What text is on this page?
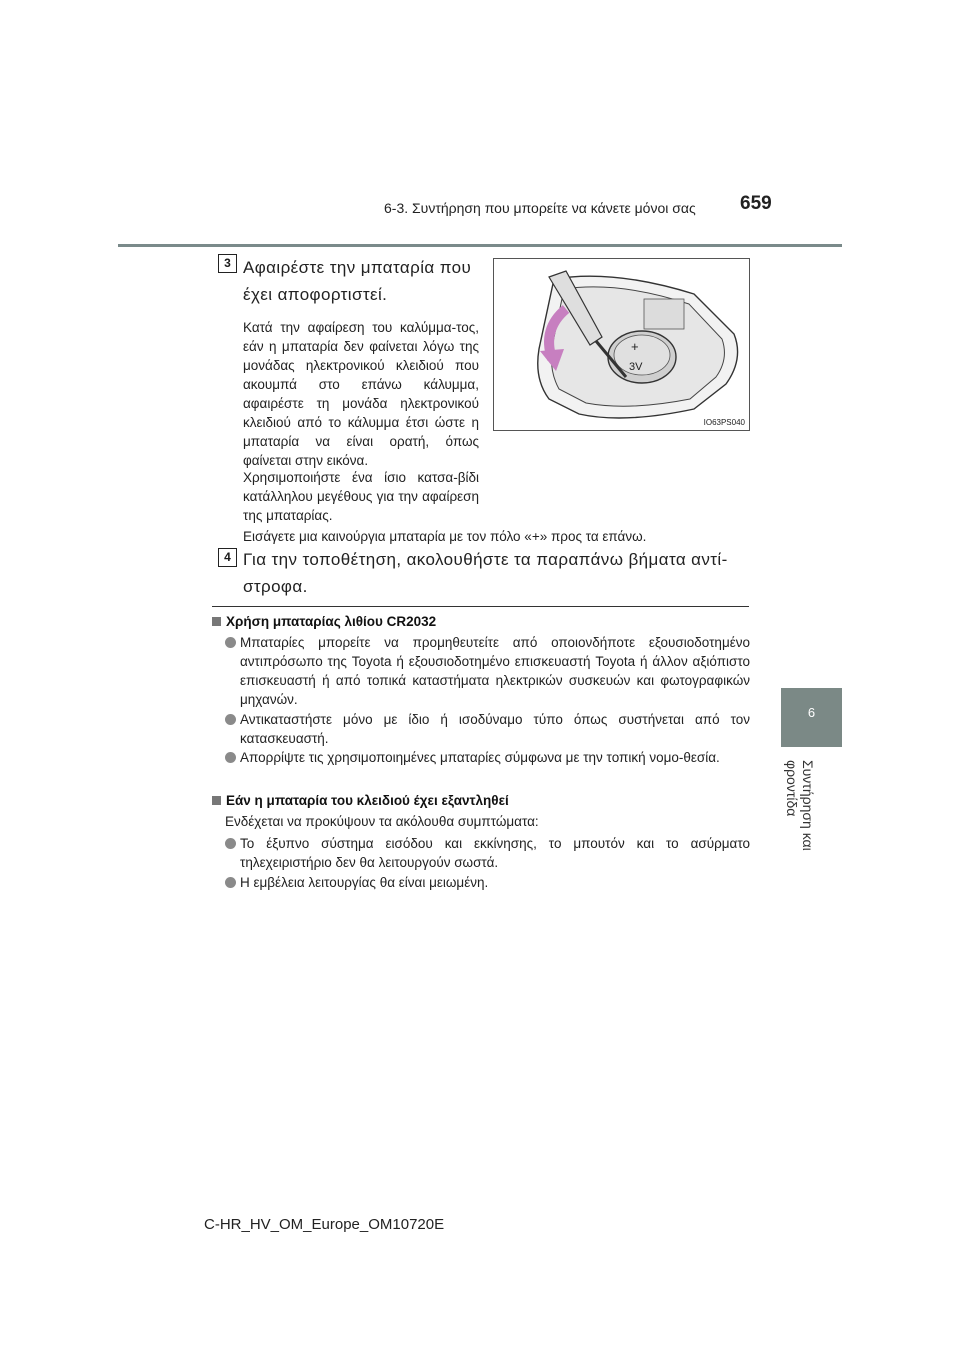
6-3. Συντήρηση που μπορείτε να κάνετε μόνοι σας 659
6
Συντήρηση και φροντίδα
3 Αφαιρέστε την μπαταρία που έχει αποφορτιστεί.
Κατά την αφαίρεση του καλύμμα-τος, εάν η μπαταρία δεν φαίνεται λόγω της μονάδας ηλεκτρονικού κλειδιού που ακουμπά στο επάνω κάλυμμα, αφαιρέστε τη μονάδα ηλεκτρονικού κλειδιού από το κάλυμμα έτσι ώστε η μπαταρία να είναι ορατή, όπως φαίνεται στην εικόνα.
Χρησιμοποιήστε ένα ίσιο κατσα-βίδι κατάλληλου μεγέθους για την αφαίρεση της μπαταρίας.
Εισάγετε μια καινούργια μπαταρία με τον πόλο «+» προς τα επάνω.
+
3V
IO63PS040
4 Για την τοποθέτηση, ακολουθήστε τα παραπάνω βήματα αντί-στροφα.
Χρήση μπαταρίας λιθίου CR2032
Μπαταρίες μπορείτε να προμηθευτείτε από οποιονδήποτε εξουσιοδοτημένο αντιπρόσωπο της Toyota ή εξουσιοδοτημένο επισκευαστή Toyota ή άλλον αξιόπιστο επισκευαστή ή από τοπικά καταστήματα ηλεκτρικών συσκευών και φωτογραφικών μηχανών.
Αντικαταστήστε μόνο με ίδιο ή ισοδύναμο τύπο όπως συστήνεται από τον κατασκευαστή.
Απορρίψτε τις χρησιμοποιημένες μπαταρίες σύμφωνα με την τοπική νομο-θεσία.
Εάν η μπαταρία του κλειδιού έχει εξαντληθεί
Ενδέχεται να προκύψουν τα ακόλουθα συμπτώματα:
Το έξυπνο σύστημα εισόδου και εκκίνησης, το μπουτόν και το ασύρματο τηλεχειριστήριο δεν θα λειτουργούν σωστά.
Η εμβέλεια λειτουργίας θα είναι μειωμένη.
C-HR_HV_OM_Europe_OM10720E
